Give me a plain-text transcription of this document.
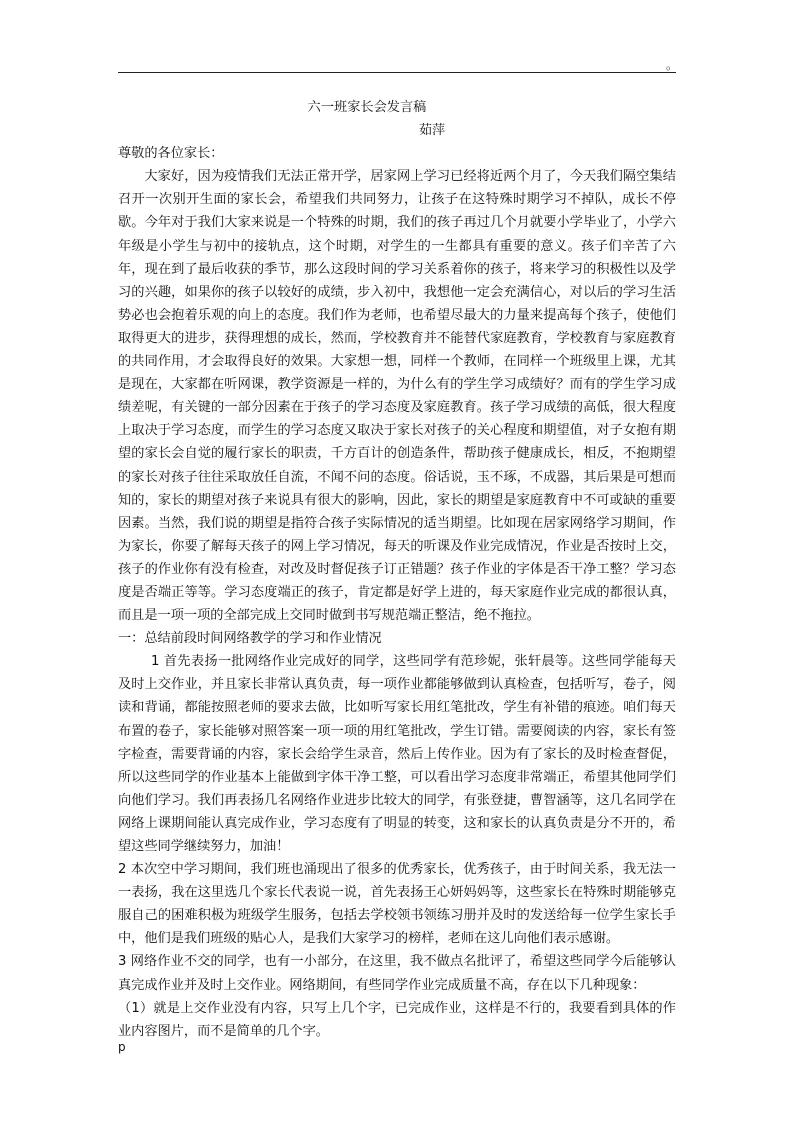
。
六一班家长会发言稿
茹萍
尊敬的各位家长：

大家好，因为疫情我们无法正常开学，居家网上学习已经将近两个月了，今天我们隔空集结召开一次别开生面的家长会，希望我们共同努力，让孩子在这特殊时期学习不掉队，成长不停歇。今年对于我们大家来说是一个特殊的时期，我们的孩子再过几个月就要小学毕业了，小学六年级是小学生与初中的接轨点，这个时期，对学生的一生都具有重要的意义。孩子们辛苦了六年，现在到了最后收获的季节，那么这段时间的学习关系着你的孩子，将来学习的积极性以及学习的兴趣，如果你的孩子以较好的成绩，步入初中，我想他一定会充满信心，对以后的学习生活势必也会抱着乐观的向上的态度。我们作为老师，也希望尽最大的力量来提高每个孩子，使他们取得更大的进步，获得理想的成长，然而，学校教育并不能替代家庭教育，学校教育与家庭教育的共同作用，才会取得良好的效果。大家想一想，同样一个教师，在同样一个班级里上课，尤其是现在，大家都在听网课，教学资源是一样的，为什么有的学生学习成绩好？而有的学生学习成绩差呢，有关键的一部分因素在于孩子的学习态度及家庭教育。孩子学习成绩的高低，很大程度上取决于学习态度，而学生的学习态度又取决于家长对孩子的关心程度和期望值，对子女抱有期望的家长会自觉的履行家长的职责，千方百计的创造条件，帮助孩子健康成长，相反，不抱期望的家长对孩子往往采取放任自流，不闻不问的态度。俗话说，玉不琢，不成器，其后果是可想而知的，家长的期望对孩子来说具有很大的影响，因此，家长的期望是家庭教育中不可或缺的重要因素。当然，我们说的期望是指符合孩子实际情况的适当期望。比如现在居家网络学习期间，作为家长，你要了解每天孩子的网上学习情况，每天的听课及作业完成情况，作业是否按时上交，孩子的作业你有没有检查，对改及时督促孩子订正错题？孩子作业的字体是否干净工整？学习态度是否端正等等。学习态度端正的孩子，肯定都是好学上进的，每天家庭作业完成的都很认真，而且是一项一项的全部完成上交同时做到书写规范端正整洁，绝不拖拉。

一：总结前段时间网络教学的学习和作业情况

1 首先表扬一批网络作业完成好的同学，这些同学有范珍妮，张轩晨等。这些同学能每天及时上交作业，并且家长非常认真负责，每一项作业都能够做到认真检查，包括听写，卷子，阅读和背诵，都能按照老师的要求去做，比如听写家长用红笔批改，学生有补错的痕迹。咱们每天布置的卷子，家长能够对照答案一项一项的用红笔批改，学生订错。需要阅读的内容，家长有签字检查，需要背诵的内容，家长会给学生录音，然后上传作业。因为有了家长的及时检查督促，所以这些同学的作业基本上能做到字体干净工整，可以看出学习态度非常端正，希望其他同学们向他们学习。我们再表扬几名网络作业进步比较大的同学，有张登捷，曹智涵等，这几名同学在网络上课期间能认真完成作业，学习态度有了明显的转变，这和家长的认真负责是分不开的，希望这些同学继续努力，加油！

2 本次空中学习期间，我们班也涌现出了很多的优秀家长，优秀孩子，由于时间关系，我无法一一表扬，我在这里选几个家长代表说一说，首先表扬王心妍妈妈等，这些家长在特殊时期能够克服自己的困难积极为班级学生服务，包括去学校领书领练习册并及时的发送给每一位学生家长手中，他们是我们班级的贴心人，是我们大家学习的榜样，老师在这儿向他们表示感谢。

3 网络作业不交的同学，也有一小部分，在这里，我不做点名批评了，希望这些同学今后能够认真完成作业并及时上交作业。网络期间，有些同学作业完成质量不高，存在以下几种现象：

（1）就是上交作业没有内容，只写上几个字，已完成作业，这样是不行的，我要看到具体的作业内容图片，而不是简单的几个字。

p
